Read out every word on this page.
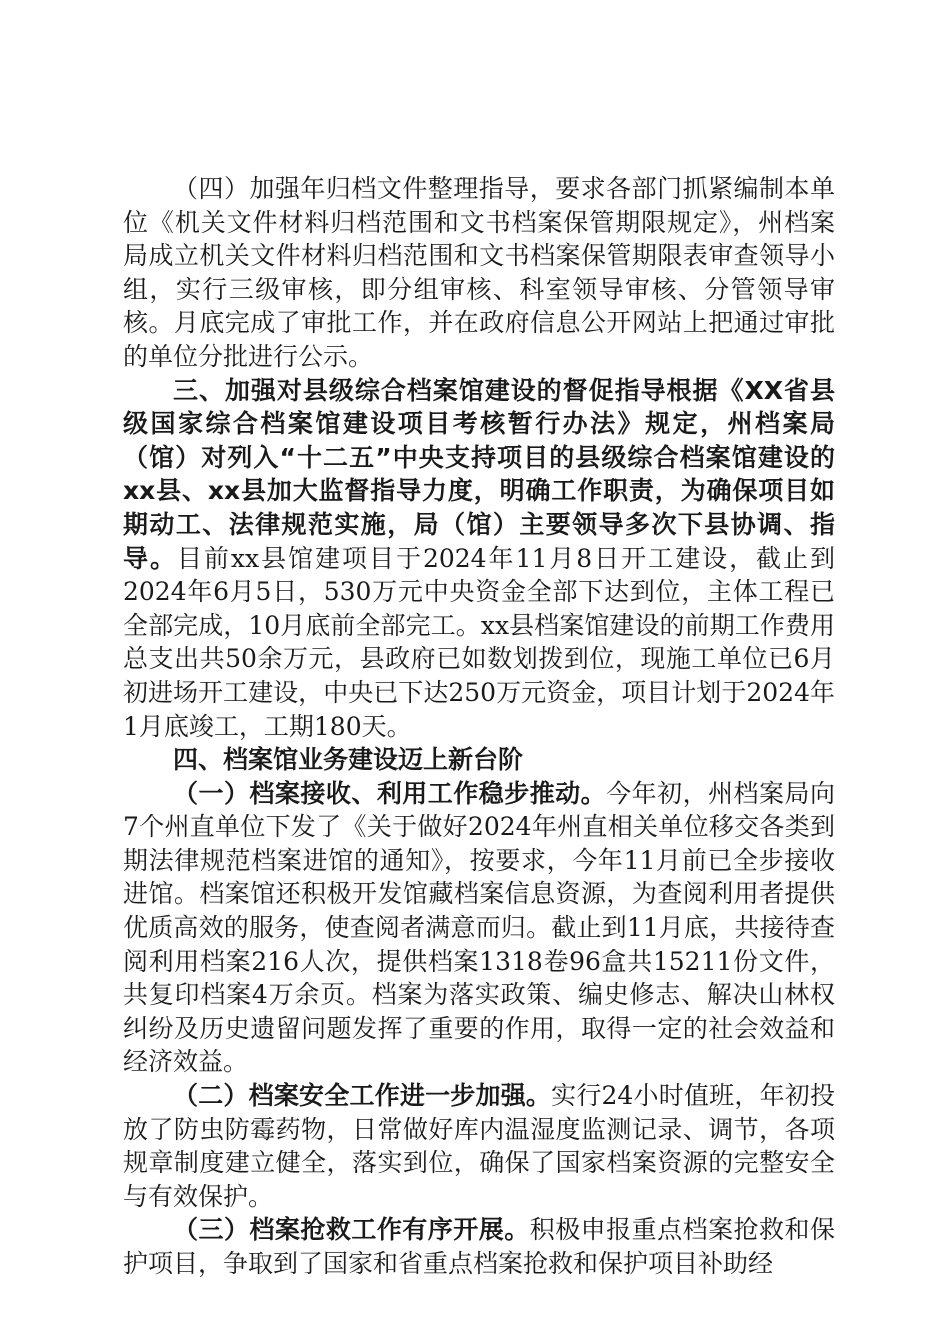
（四）加强年归档文件整理指导，要求各部门抓紧编制本单位《机关文件材料归档范围和文书档案保管期限规定》，州档案局成立机关文件材料归档范围和文书档案保管期限表审查领导小组，实行三级审核，即分组审核、科室领导审核、分管领导审核。月底完成了审批工作，并在政府信息公开网站上把通过审批的单位分批进行公示。

三、加强对县级综合档案馆建设的督促指导根据《XX省县级国家综合档案馆建设项目考核暂行办法》规定，州档案局（馆）对列入“十二五”中央支持项目的县级综合档案馆建设的xx县、xx县加大监督指导力度，明确工作职责，为确保项目如期动工、法律规范实施，局（馆）主要领导多次下县协调、指导。目前xx县馆建项目于2024年11月8日开工建设，截止到2024年6月5日，530万元中央资金全部下达到位，主体工程已全部完成，10月底前全部完工。xx县档案馆建设的前期工作费用总支出共50余万元，县政府已如数划拨到位，现施工单位已6月初进场开工建设，中央已下达250万元资金，项目计划于2024年1月底竣工，工期180天。

四、档案馆业务建设迈上新台阶

（一）档案接收、利用工作稳步推动。今年初，州档案局向7个州直单位下发了《关于做好2024年州直相关单位移交各类到期法律规范档案进馆的通知》，按要求，今年11月前已全步接收进馆。档案馆还积极开发馆藏档案信息资源，为查阅利用者提供优质高效的服务，使查阅者满意而归。截止到11月底，共接待查阅利用档案216人次，提供档案1318卷96盒共15211份文件，共复印档案4万余页。档案为落实政策、编史修志、解决山林权纠纷及历史遗留问题发挥了重要的作用，取得一定的社会效益和经济效益。

（二）档案安全工作进一步加强。实行24小时值班，年初投放了防虫防霉药物，日常做好库内温湿度监测记录、调节，各项规章制度建立健全，落实到位，确保了国家档案资源的完整安全与有效保护。

（三）档案抢救工作有序开展。积极申报重点档案抢救和保护项目，争取到了国家和省重点档案抢救和保护项目补助经
